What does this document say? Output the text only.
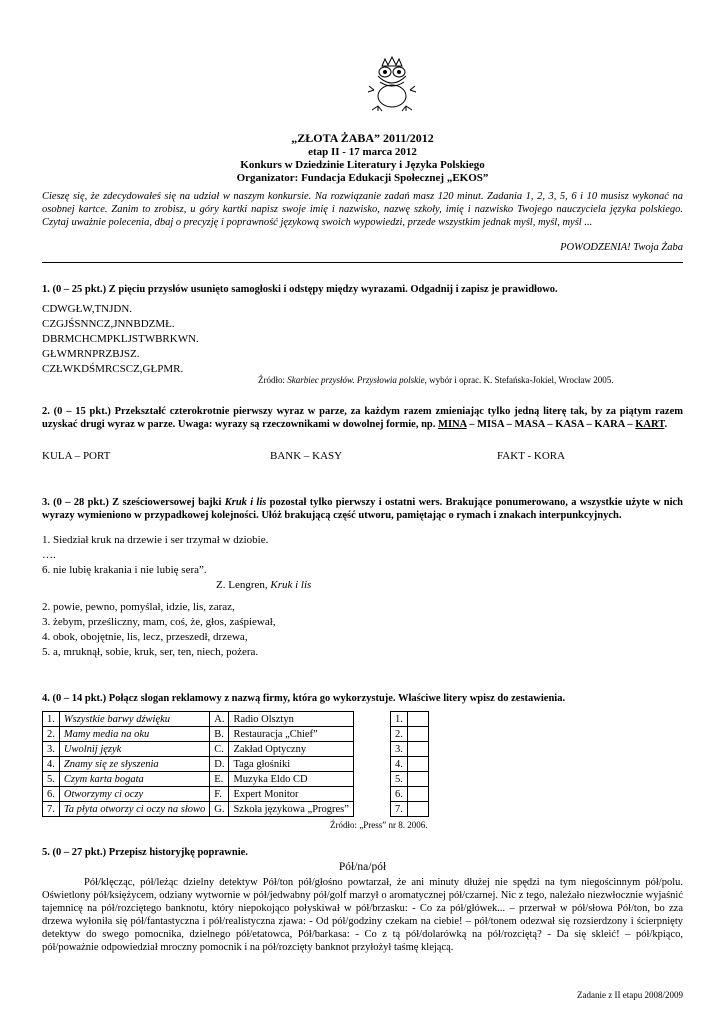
„ZŁOTA ŻABA” 2011/2012
etap II - 17 marca 2012
Konkurs w Dziedzinie Literatury i Języka Polskiego
Organizator: Fundacja Edukacji Społecznej „EKOS”
Cieszę się, że zdecydowałeś się na udział w naszym konkursie. Na rozwiązanie zadań masz 120 minut. Zadania 1, 2, 3, 5, 6 i 10 musisz wykonać na osobnej kartce. Zanim to zrobisz, u góry kartki napisz swoje imię i nazwisko, nazwę szkoły, imię i nazwisko Twojego nauczyciela języka polskiego. Czytaj uważnie polecenia, dbaj o precyzję i poprawność językową swoich wypowiedzi, przede wszystkim jednak myśl, myśl, myśl ...
POWODZENIA! Twoja Żaba
1. (0 – 25 pkt.) Z pięciu przysłów usunięto samogłoski i odstępy między wyrazami. Odgadnij i zapisz je prawidłowo.
CDWGŁW,TNJDN.
CZGJŚSNNCZ,JNNBDZMŁ.
DBRMCHCMPKLJSTWBRKWN.
GŁWMRNPRZBJSZ.
CZŁWKDŚMRCSCZ,GŁPMR.
Źródło: Skarbiec przysłów. Przysłowia polskie, wybór i oprac. K. Stefańska-Jokiel, Wrocław 2005.
2. (0 – 15 pkt.) Przekształć czterokrotnie pierwszy wyraz w parze, za każdym razem zmieniając tylko jedną literę tak, by za piątym razem uzyskać drugi wyraz w parze. Uwaga: wyrazy są rzeczownikami w dowolnej formie, np. MINA – MISA – MASA – KASA – KARA – KART.
KULA – PORT	BANK – KASY	FAKT - KORA
3. (0 – 28 pkt.) Z sześciowersowej bajki Kruk i lis pozostał tylko pierwszy i ostatni wers. Brakujące ponumerowano, a wszystkie użyte w nich wyrazy wymieniono w przypadkowej kolejności. Ułóż brakującą część utworu, pamiętając o rymach i znakach interpunkcyjnych.
1. Siedział kruk na drzewie i ser trzymał w dziobie.
….
6. nie lubię krakania i nie lubię sera”.
Z. Lengren, Kruk i lis
2. powie, pewno, pomyślał, idzie, lis, zaraz,
3. żebym, prześliczny, mam, coś, że, głos, zaśpiewał,
4. obok, obojętnie, lis, lecz, przeszedł, drzewa,
5. a, mruknął, sobie, kruk, ser, ten, niech, pożera.
4. (0 – 14 pkt.) Połącz slogan reklamowy z nazwą firmy, która go wykorzystuje. Właściwe litery wpisz do zestawienia.
1.	Wszystkie barwy dźwięku	A.	Radio Olsztyn
2.	Mamy media na oku	B.	Restauracja „Chief”
3.	Uwolnij język	C.	Zakład Optyczny
4.	Znamy się ze słyszenia	D.	Taga głośniki
5.	Czym karta bogata	E.	Muzyka Eldo CD
6.	Otworzymy ci oczy	F.	Expert Monitor
7.	Ta płyta otworzy ci oczy na słowo	G.	Szkoła językowa „Progres”
1.	
2.	
3.	
4.	
5.	
6.	
7.	
Źródło: „Press” nr 8. 2006.
5. (0 – 27 pkt.) Przepisz historyjkę poprawnie.
Pół/na/pół
Pół/klęcząc, pół/leżąc dzielny detektyw Pół/ton pół/głośno powtarzał, że ani minuty dłużej nie spędzi na tym niegościnnym pół/polu. Oświetlony pół/księżycem, odziany wytwornie w pół/jedwabny pół/golf marzył o aromatycznej pół/czarnej. Nic z tego, należało niezwłocznie wyjaśnić tajemnicę na pół/rozciętego banknotu, który niepokojąco połyskiwał w pół/brzasku: - Co za pół/główek... – przerwał w pół/słowa Pół/ton, bo zza drzewa wyłoniła się pół/fantastyczna i pół/realistyczna zjawa: - Od pół/godziny czekam na ciebie! – pół/tonem odezwał się rozsierdzony i ścierpnięty detektyw do swego pomocnika, dzielnego pół/etatowca, Pół/barkasa: - Co z tą pół/dolarówką na pół/rozciętą? - Da się skleić! – pół/kpiąco, pół/poważnie odpowiedział mroczny pomocnik i na pół/rozcięty banknot przyłożył taśmę klejącą.
Zadanie z II etapu 2008/2009
